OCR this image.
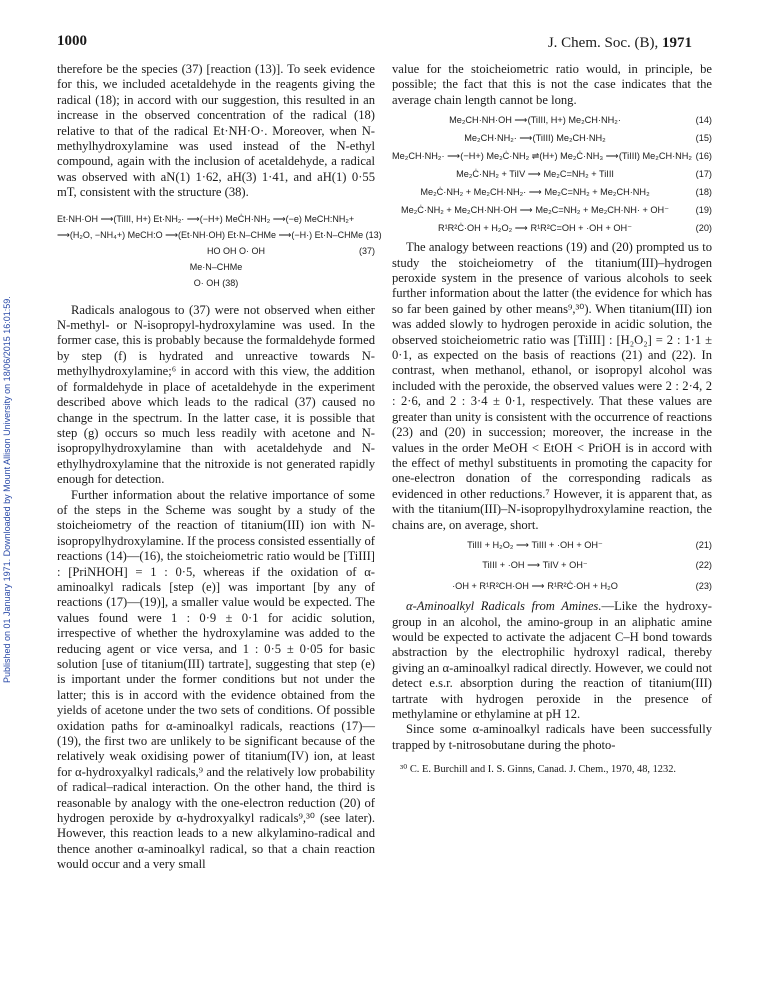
1000	J. Chem. Soc. (B), 1971
Published on 01 January 1971. Downloaded by Mount Allison University on 18/06/2015 16:01:59.

therefore be the species (37) [reaction (13)]. To seek evidence for this, we included acetaldehyde in the reagents giving the radical (18); in accord with our suggestion, this resulted in an increase in the observed concentration of the radical (18) relative to that of the radical Et·NH·O·. Moreover, when N-methylhydroxylamine was used instead of the N-ethyl compound, again with the inclusion of acetaldehyde, a radical was observed with aN(1) 1·62, aH(3) 1·41, and aH(1) 0·55 mT, consistent with the structure (38).

Et·NH·OH ⟶(TiIII, H+) Et·NH₂· ⟶(−H+) MeĊH·NH₂ ⟶(−e) MeCH:NH₂+
⟶(H₂O, −NH₄+) MeCH:O ⟶(Et·NH·OH) Et·N–CHMe ⟶(−H·) Et·N–CHMe (13)
HO OH O· OH	(37)
Me·N–CHMe
O· OH (38)

Radicals analogous to (37) were not observed when either N-methyl- or N-isopropyl-hydroxylamine was used. In the former case, this is probably because the formaldehyde formed by step (f) is hydrated and unreactive towards N-methylhydroxylamine;⁶ in accord with this view, the addition of formaldehyde in place of acetaldehyde in the experiment described above which leads to the radical (37) caused no change in the spectrum. In the latter case, it is possible that step (g) occurs so much less readily with acetone and N-isopropylhydroxylamine than with acetaldehyde and N-ethylhydroxylamine that the nitroxide is not generated rapidly enough for detection.

Further information about the relative importance of some of the steps in the Scheme was sought by a study of the stoicheiometry of the reaction of titanium(III) ion with N-isopropylhydroxylamine. If the process consisted essentially of reactions (14)—(16), the stoicheiometric ratio would be [TiIII] : [PriNHOH] = 1 : 0·5, whereas if the oxidation of α-aminoalkyl radicals [step (e)] was important [by any of reactions (17)—(19)], a smaller value would be expected. The values found were 1 : 0·9 ± 0·1 for acidic solution, irrespective of whether the hydroxylamine was added to the reducing agent or vice versa, and 1 : 0·5 ± 0·05 for basic solution [use of titanium(III) tartrate], suggesting that step (e) is important under the former conditions but not under the latter; this is in accord with the evidence obtained from the yields of acetone under the two sets of conditions. Of possible oxidation paths for α-aminoalkyl radicals, reactions (17)—(19), the first two are unlikely to be significant because of the relatively weak oxidising power of titanium(IV) ion, at least for α-hydroxyalkyl radicals,⁹ and the relatively low probability of radical–radical interaction. On the other hand, the third is reasonable by analogy with the one-electron reduction (20) of hydrogen peroxide by α-hydroxyalkyl radicals⁹,³⁰ (see later). However, this reaction leads to a new alkylamino-radical and thence another α-aminoalkyl radical, so that a chain reaction would occur and a very small

value for the stoicheiometric ratio would, in principle, be possible; the fact that this is not the case indicates that the average chain length cannot be long.

Me₂CH·NH·OH ⟶(TiIII, H+) Me₂CH·NH₂·	(14)
Me₂CH·NH₂· ⟶(TiIII) Me₂CH·NH₂	(15)
Me₂CH·NH₂· ⟶(−H+) Me₂Ċ·NH₂ ⇌(H+) Me₂Ċ·NH₃ ⟶(TiIII) Me₂CH·NH₂ (16)
Me₂Ċ·NH₂ + TiIV ⟶ Me₂C=NH₂ + TiIII	(17)
Me₂Ċ·NH₂ + Me₂CH·NH₂· ⟶ Me₂C=NH₂ + Me₂CH·NH₂	(18)
Me₂Ċ·NH₂ + Me₂CH·NH·OH ⟶ Me₂C=NH₂ + Me₂CH·NH· + OH⁻	(19)
R¹R²Ċ·OH + H₂O₂ ⟶ R¹R²C=OH + ·OH + OH⁻	(20)

The analogy between reactions (19) and (20) prompted us to study the stoicheiometry of the titanium(III)–hydrogen peroxide system in the presence of various alcohols to seek further information about the latter (the evidence for which has so far been gained by other means⁹,³⁰). When titanium(III) ion was added slowly to hydrogen peroxide in acidic solution, the observed stoicheiometric ratio was [TiIII] : [H₂O₂] = 2 : 1·1 ± 0·1, as expected on the basis of reactions (21) and (22). In contrast, when methanol, ethanol, or isopropyl alcohol was included with the peroxide, the observed values were 2 : 2·4, 2 : 2·6, and 2 : 3·4 ± 0·1, respectively. That these values are greater than unity is consistent with the occurrence of reactions (23) and (20) in succession; moreover, the increase in the values in the order MeOH < EtOH < PriOH is in accord with the effect of methyl substituents in promoting the capacity for one-electron donation of the corresponding radicals as evidenced in other reductions.⁷ However, it is apparent that, as with the titanium(III)–N-isopropylhydroxylamine reaction, the chains are, on average, short.

TiIII + H₂O₂ ⟶ TiIII + ·OH + OH⁻	(21)
TiIII + ·OH ⟶ TiIV + OH⁻	(22)
·OH + R¹R²CH·OH ⟶ R¹R²Ċ·OH + H₂O	(23)

α-Aminoalkyl Radicals from Amines.—Like the hydroxy-group in an alcohol, the amino-group in an aliphatic amine would be expected to activate the adjacent C–H bond towards abstraction by the electrophilic hydroxyl radical, thereby giving an α-aminoalkyl radical directly. However, we could not detect e.s.r. absorption during the reaction of titanium(III) tartrate with hydrogen peroxide in the presence of methylamine or ethylamine at pH 12.

Since some α-aminoalkyl radicals have been successfully trapped by t-nitrosobutane during the photo-

³⁰ C. E. Burchill and I. S. Ginns, Canad. J. Chem., 1970, 48, 1232.
